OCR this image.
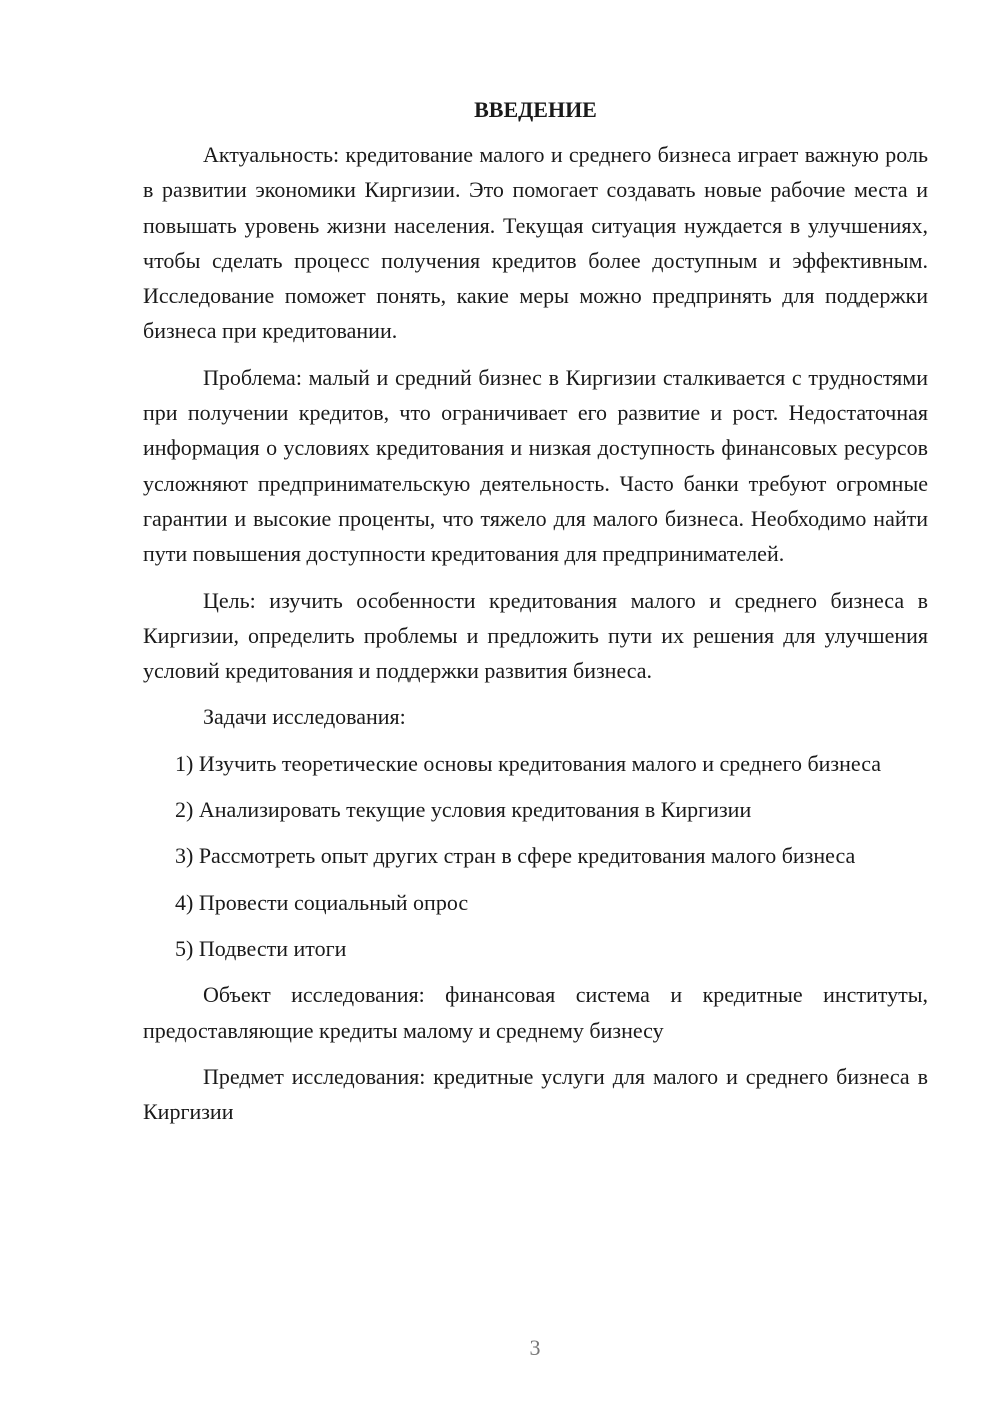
ВВЕДЕНИЕ

Актуальность: кредитование малого и среднего бизнеса играет важную роль в развитии экономики Киргизии. Это помогает создавать новые рабочие места и повышать уровень жизни населения. Текущая ситуация нуждается в улучшениях, чтобы сделать процесс получения кредитов более доступным и эффективным. Исследование поможет понять, какие меры можно предпринять для поддержки бизнеса при кредитовании.

Проблема: малый и средний бизнес в Киргизии сталкивается с трудностями при получении кредитов, что ограничивает его развитие и рост. Недостаточная информация о условиях кредитования и низкая доступность финансовых ресурсов усложняют предпринимательскую деятельность. Часто банки требуют огромные гарантии и высокие проценты, что тяжело для малого бизнеса. Необходимо найти пути повышения доступности кредитования для предпринимателей.

Цель: изучить особенности кредитования малого и среднего бизнеса в Киргизии, определить проблемы и предложить пути их решения для улучшения условий кредитования и поддержки развития бизнеса.

Задачи исследования:

1) Изучить теоретические основы кредитования малого и среднего бизнеса

2) Анализировать текущие условия кредитования в Киргизии

3) Рассмотреть опыт других стран в сфере кредитования малого бизнеса

4) Провести социальный опрос

5) Подвести итоги

Объект исследования: финансовая система и кредитные институты, предоставляющие кредиты малому и среднему бизнесу

Предмет исследования: кредитные услуги для малого и среднего бизнеса в Киргизии

3
